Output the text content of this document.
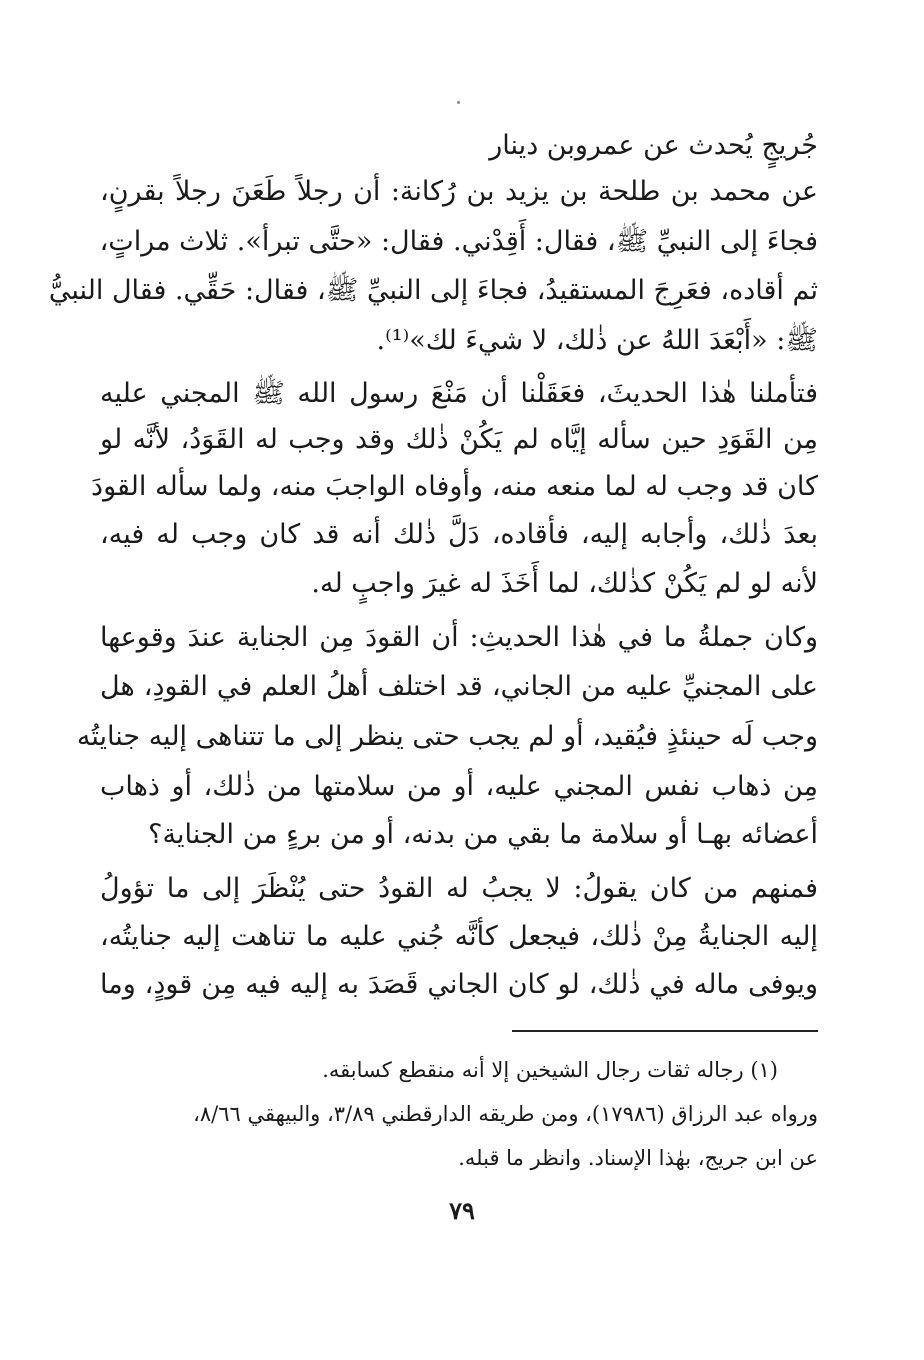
جُريجٍ يُحدث عن عمروبن دينار
عن محمد بن طلحة بن يزيد بن رُكانة: أن رجلاً طَعَنَ رجلاً بقرنٍ،
فجاءَ إلى النبيِّ ﷺ، فقال: أَقِدْني. فقال: «حتَّى تبرأ». ثلاث مراتٍ،
ثم أقاده، فعَرِجَ المستقيدُ، فجاءَ إلى النبيِّ ﷺ، فقال: حَقِّي. فقال النبيُّ
ﷺ: «أَبْعَدَ اللهُ عن ذٰلك، لا شيءَ لك»⁽¹⁾.
فتأملنا هٰذا الحديثَ، فعَقَلْنا أن مَنْعَ رسول الله ﷺ المجني عليه
مِن القَوَدِ حين سأله إيَّاه لم يَكُنْ ذٰلك وقد وجب له القَوَدُ، لأنَّه لو
كان قد وجب له لما منعه منه، وأوفاه الواجبَ منه، ولما سأله القودَ
بعدَ ذٰلك، وأجابه إليه، فأقاده، دَلَّ ذٰلك أنه قد كان وجب له فيه،
لأنه لو لم يَكُنْ كذٰلك، لما أَخَذَ له غيرَ واجبٍ له.
وكان جملةُ ما في هٰذا الحديثِ: أن القودَ مِن الجناية عندَ وقوعها
على المجنيِّ عليه من الجاني، قد اختلف أهلُ العلم في القودِ، هل
وجب لَه حينئذٍ فيُقيد، أو لم يجب حتى ينظر إلى ما تتناهى إليه جنايتُه
مِن ذهاب نفس المجني عليه، أو من سلامتها من ذٰلك، أو ذهاب
أعضائه بهـا أو سلامة ما بقي من بدنه، أو من برءٍ من الجناية؟
فمنهم من كان يقولُ: لا يجبُ له القودُ حتى يُنْظَرَ إلى ما تؤولُ
إليه الجنايةُ مِنْ ذٰلك، فيجعل كأنَّه جُني عليه ما تناهت إليه جنايتُه،
ويوفى ماله في ذٰلك، لو كان الجاني قَصَدَ به إليه فيه مِن قودٍ، وما
(١) رجاله ثقات رجال الشيخين إلا أنه منقطع كسابقه.
ورواه عبد الرزاق (١٧٩٨٦)، ومن طريقه الدارقطني ٣/٨٩، والبيهقي ٨/٦٦،
عن ابن جريج، بهٰذا الإسناد. وانظر ما قبله.
٧٩
